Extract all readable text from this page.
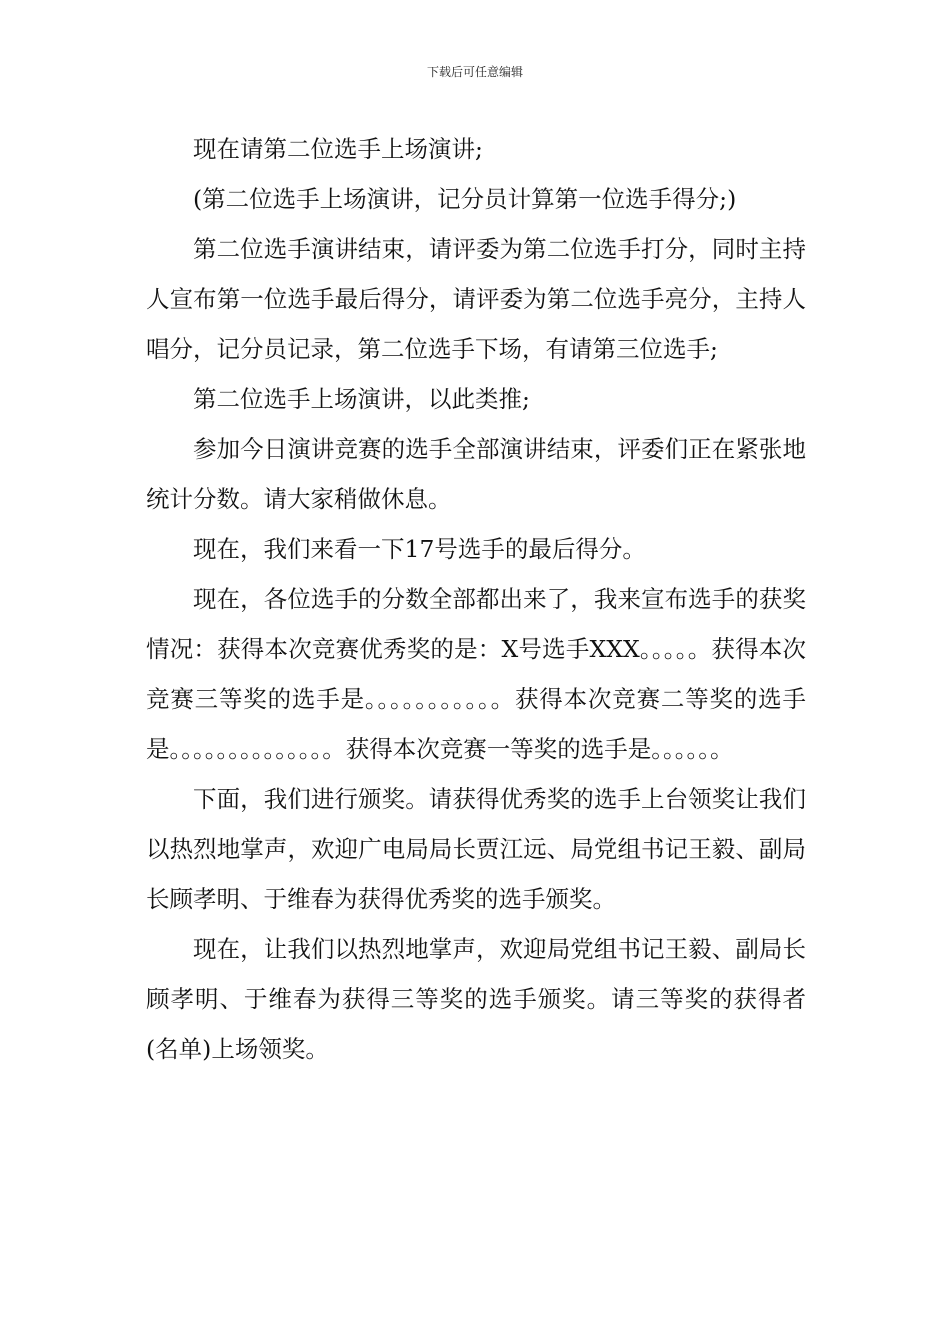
下载后可任意编辑

现在请第二位选手上场演讲;

(第二位选手上场演讲，记分员计算第一位选手得分;)

第二位选手演讲结束，请评委为第二位选手打分，同时主持人宣布第一位选手最后得分，请评委为第二位选手亮分，主持人唱分，记分员记录，第二位选手下场，有请第三位选手;

第二位选手上场演讲，以此类推;

参加今日演讲竞赛的选手全部演讲结束，评委们正在紧张地统计分数。请大家稍做休息。

现在，我们来看一下17号选手的最后得分。

现在，各位选手的分数全部都出来了，我来宣布选手的获奖情况：获得本次竞赛优秀奖的是：X号选手XXX。。。。。获得本次竞赛三等奖的选手是。。。。。。。。。。。获得本次竞赛二等奖的选手是。。。。。。。。。。。。。。获得本次竞赛一等奖的选手是。。。。。。

下面，我们进行颁奖。请获得优秀奖的选手上台领奖让我们以热烈地掌声，欢迎广电局局长贾江远、局党组书记王毅、副局长顾孝明、于维春为获得优秀奖的选手颁奖。

现在，让我们以热烈地掌声，欢迎局党组书记王毅、副局长顾孝明、于维春为获得三等奖的选手颁奖。请三等奖的获得者(名单)上场领奖。
